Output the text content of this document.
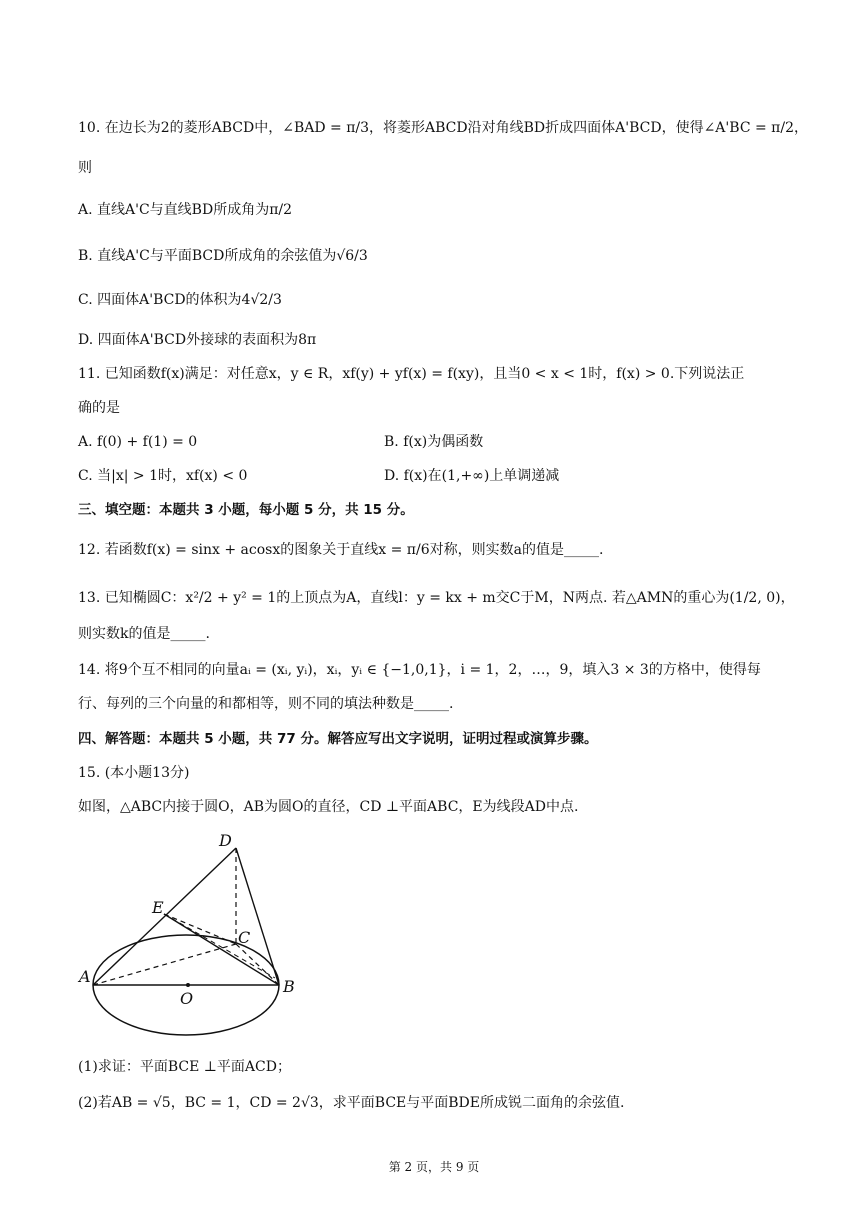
10. 在边长为2的菱形ABCD中，∠BAD = π/3，将菱形ABCD沿对角线BD折成四面体A'BCD，使得∠A'BC = π/2，
则
A. 直线A'C与直线BD所成角为π/2
B. 直线A'C与平面BCD所成角的余弦值为√6/3
C. 四面体A'BCD的体积为4√2/3
D. 四面体A'BCD外接球的表面积为8π
11. 已知函数f(x)满足：对任意x，y ∈ R，xf(y) + yf(x) = f(xy)，且当0 < x < 1时，f(x) > 0.下列说法正
确的是
A. f(0) + f(1) = 0	B. f(x)为偶函数
C. 当|x| > 1时，xf(x) < 0	D. f(x)在(1,+∞)上单调递减
三、填空题：本题共 3 小题，每小题 5 分，共 15 分。
12. 若函数f(x) = sinx + acosx的图象关于直线x = π/6对称，则实数a的值是_____.
13. 已知椭圆C：x²/2 + y² = 1的上顶点为A，直线l：y = kx + m交C于M，N两点. 若△AMN的重心为(1/2, 0)，
则实数k的值是_____.
14. 将9个互不相同的向量aᵢ = (xᵢ, yᵢ)，xᵢ，yᵢ ∈ {−1,0,1}，i = 1，2，…，9，填入3 × 3的方格中，使得每
行、每列的三个向量的和都相等，则不同的填法种数是_____.
四、解答题：本题共 5 小题，共 77 分。解答应写出文字说明，证明过程或演算步骤。
15. (本小题13分)
如图，△ABC内接于圆O，AB为圆O的直径，CD ⊥平面ABC，E为线段AD中点.
D
E
C
A
B
O
(1)求证：平面BCE ⊥平面ACD；
(2)若AB = √5，BC = 1，CD = 2√3，求平面BCE与平面BDE所成锐二面角的余弦值.
第 2 页，共 9 页
